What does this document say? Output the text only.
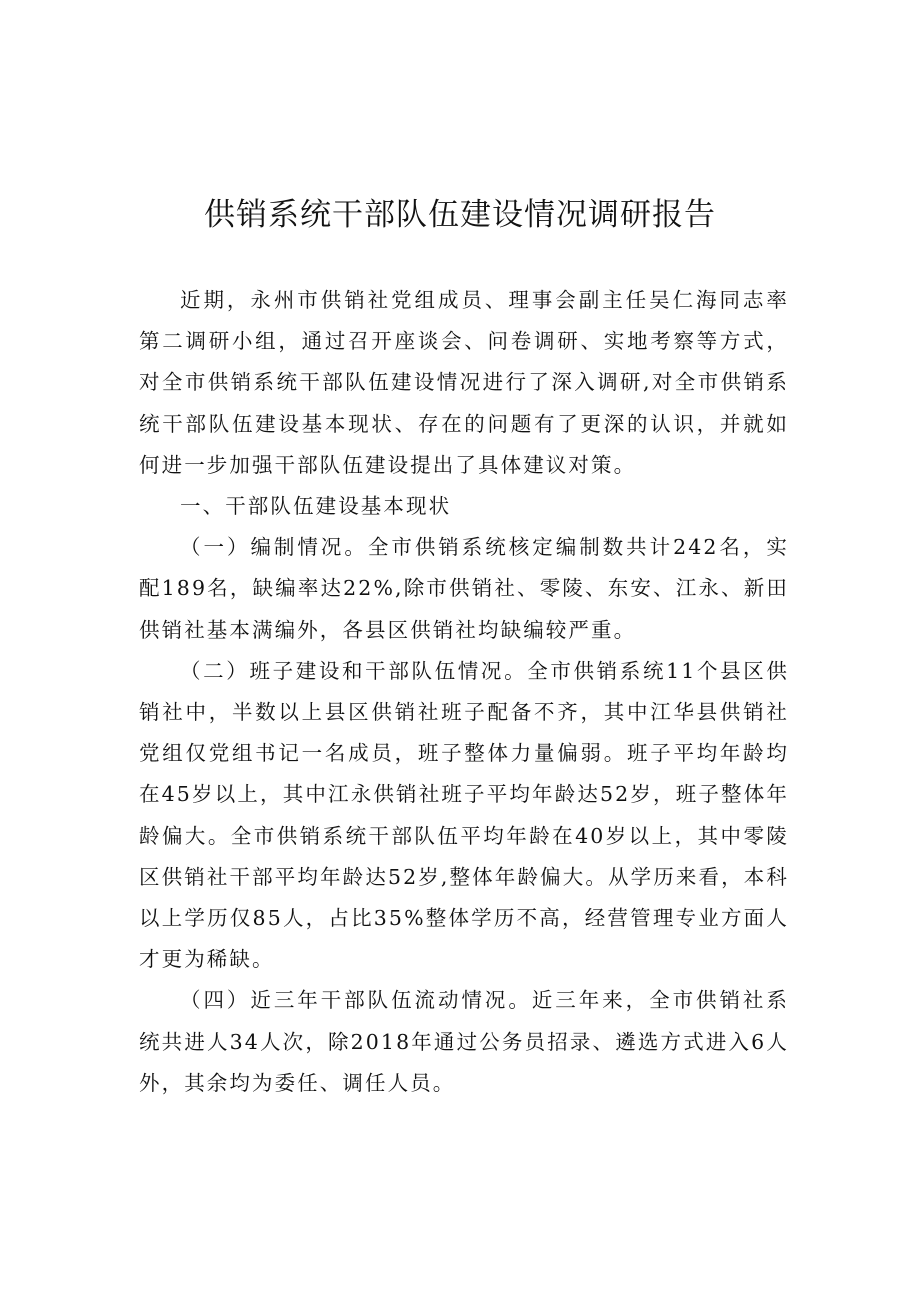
供销系统干部队伍建设情况调研报告

近期，永州市供销社党组成员、理事会副主任吴仁海同志率第二调研小组，通过召开座谈会、问卷调研、实地考察等方式，对全市供销系统干部队伍建设情况进行了深入调研,对全市供销系统干部队伍建设基本现状、存在的问题有了更深的认识，并就如何进一步加强干部队伍建设提出了具体建议对策。

一、干部队伍建设基本现状

（一）编制情况。全市供销系统核定编制数共计242名，实配189名，缺编率达22%,除市供销社、零陵、东安、江永、新田供销社基本满编外，各县区供销社均缺编较严重。

（二）班子建设和干部队伍情况。全市供销系统11个县区供销社中，半数以上县区供销社班子配备不齐，其中江华县供销社党组仅党组书记一名成员，班子整体力量偏弱。班子平均年龄均在45岁以上，其中江永供销社班子平均年龄达52岁，班子整体年龄偏大。全市供销系统干部队伍平均年龄在40岁以上，其中零陵区供销社干部平均年龄达52岁,整体年龄偏大。从学历来看，本科以上学历仅85人，占比35%整体学历不高，经营管理专业方面人才更为稀缺。

（四）近三年干部队伍流动情况。近三年来，全市供销社系统共进人34人次，除2018年通过公务员招录、遴选方式进入6人外，其余均为委任、调任人员。
